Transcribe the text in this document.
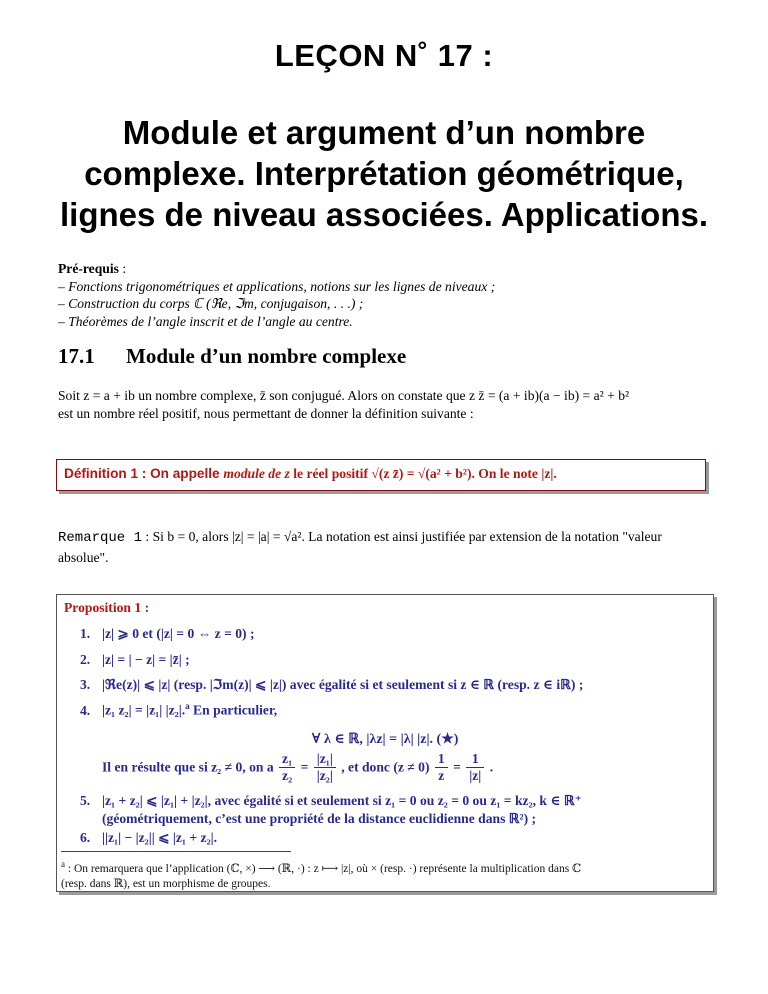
LEÇON N˚ 17 :
Module et argument d’un nombre
complexe. Interprétation géométrique,
lignes de niveau associées. Applications.
Pré-requis :
– Fonctions trigonométriques et applications, notions sur les lignes de niveaux ;
– Construction du corps ℂ (ℜe, ℑm, conjugaison, . . .) ;
– Théorèmes de l’angle inscrit et de l’angle au centre.
17.1 Module d’un nombre complexe
Soit z = a + ib un nombre complexe, z̄ son conjugué. Alors on constate que z z̄ = (a + ib)(a − ib) = a² + b²
est un nombre réel positif, nous permettant de donner la définition suivante :
Définition 1 : On appelle module de z le réel positif √(z z̄) = √(a² + b²). On le note |z|.
Remarque 1 : Si b = 0, alors |z| = |a| = √a². La notation est ainsi justifiée par extension de la notation "valeur
absolue".
Proposition 1 :
1. |z| ⩾ 0 et (|z| = 0 ⇔ z = 0) ;
2. |z| = | − z| = |z̄| ;
3. |ℜe(z)| ⩽ |z| (resp. |ℑm(z)| ⩽ |z|) avec égalité si et seulement si z ∈ ℝ (resp. z ∈ iℝ) ;
4. |z₁ z₂| = |z₁| |z₂|.$^a$ En particulier,
∀ λ ∈ ℝ, |λz| = |λ| |z|. (★)
Il en résulte que si z₂ ≠ 0, on a $\frac{\text{z₁}}{\text{z₂}} = \frac{\text{|z₁|}}{\text{|z₂|}}$ , et donc $(z \ne 0) \frac{1}{z} = \frac{1}{|z|}$ .
5. |z₁ + z₂| ⩽ |z₁| + |z₂|, avec égalité si et seulement si z₁ = 0 ou z₂ = 0 ou z₁ = kz₂, k ∈ ℝ⁺
(géométriquement, c’est une propriété de la distance euclidienne dans ℝ²) ;
6. ||z₁| − |z₂|| ⩽ |z₁ + z₂|.
$^a$ : On remarquera que l’application (ℂ, ×) ⟶ (ℝ, ·) : z ⟼ |z|, où × (resp. ·) représente la multiplication dans ℂ
(resp. dans ℝ), est un morphisme de groupes.
